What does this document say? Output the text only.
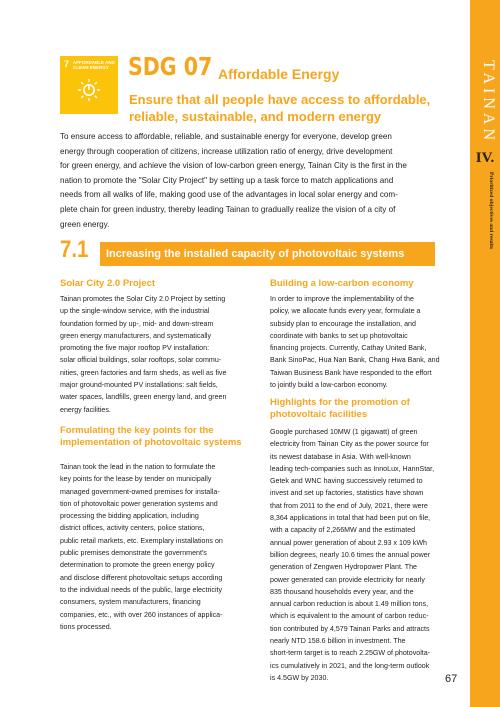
TAINAN
IV.
Prioritized objectives and results
7 AFFORDABLE AND CLEAN ENERGY SDG 07 Affordable Energy
Ensure that all people have access to affordable,
reliable, sustainable, and modern energy
To ensure access to affordable, reliable, and sustainable energy for everyone, develop green
energy through cooperation of citizens, increase utilization ratio of energy, drive development
for green energy, and achieve the vision of low-carbon green energy, Tainan City is the first in the
nation to promote the "Solar City Project" by setting up a task force to match applications and
needs from all walks of life, making good use of the advantages in local solar energy and com-
plete chain for green industry, thereby leading Tainan to gradually realize the vision of a city of
green energy.
7.1	Increasing the installed capacity of photovoltaic systems
Solar City 2.0 Project
Tainan promotes the Solar City 2.0 Project by setting
up the single-window service, with the industrial
foundation formed by up-, mid- and down-stream
green energy manufacturers, and systematically
promoting the five major rooftop PV installation:
solar official buildings, solar rooftops, solar commu-
nities, green factories and farm sheds, as well as five
major ground-mounted PV installations: salt fields,
water spaces, landfills, green energy land, and green
energy facilities.
Formulating the key points for the
implementation of photovoltaic systems
Tainan took the lead in the nation to formulate the
key points for the lease by tender on municipally
managed government-owned premises for installa-
tion of photovoltaic power generation systems and
processing the bidding application, including
district offices, activity centers, police stations,
public retail markets, etc. Exemplary installations on
public premises demonstrate the government's
determination to promote the green energy policy
and disclose different photovoltaic setups according
to the individual needs of the public, large electricity
consumers, system manufacturers, financing
companies, etc., with over 260 instances of applica-
tions processed.
Building a low-carbon economy
In order to improve the implementability of the
policy, we allocate funds every year, formulate a
subsidy plan to encourage the installation, and
coordinate with banks to set up photovoltaic
financing projects. Currently, Cathay United Bank,
Bank SinoPac, Hua Nan Bank, Chang Hwa Bank, and
Taiwan Business Bank have responded to the effort
to jointly build a low-carbon economy.
Highlights for the promotion of
photovoltaic facilities
Google purchased 10MW (1 gigawatt) of green
electricity from Tainan City as the power source for
its newest database in Asia. With well-known
leading tech-companies such as InnoLux, HannStar,
Getek and WNC having successively returned to
invest and set up factories, statistics have shown
that from 2011 to the end of July, 2021, there were
8,364 applications in total that had been put on file,
with a capacity of 2,266MW and the estimated
annual power generation of about 2.93 x 109 kWh
billion degrees, nearly 10.6 times the annual power
generation of Zengwen Hydropower Plant. The
power generated can provide electricity for nearly
835 thousand households every year, and the
annual carbon reduction is about 1.49 million tons,
which is equivalent to the amount of carbon reduc-
tion contributed by 4,579 Tainan Parks and attracts
nearly NTD 158.6 billion in investment. The
short-term target is to reach 2.25GW of photovolta-
ics cumulatively in 2021, and the long-term outlook
is 4.5GW by 2030.	67
